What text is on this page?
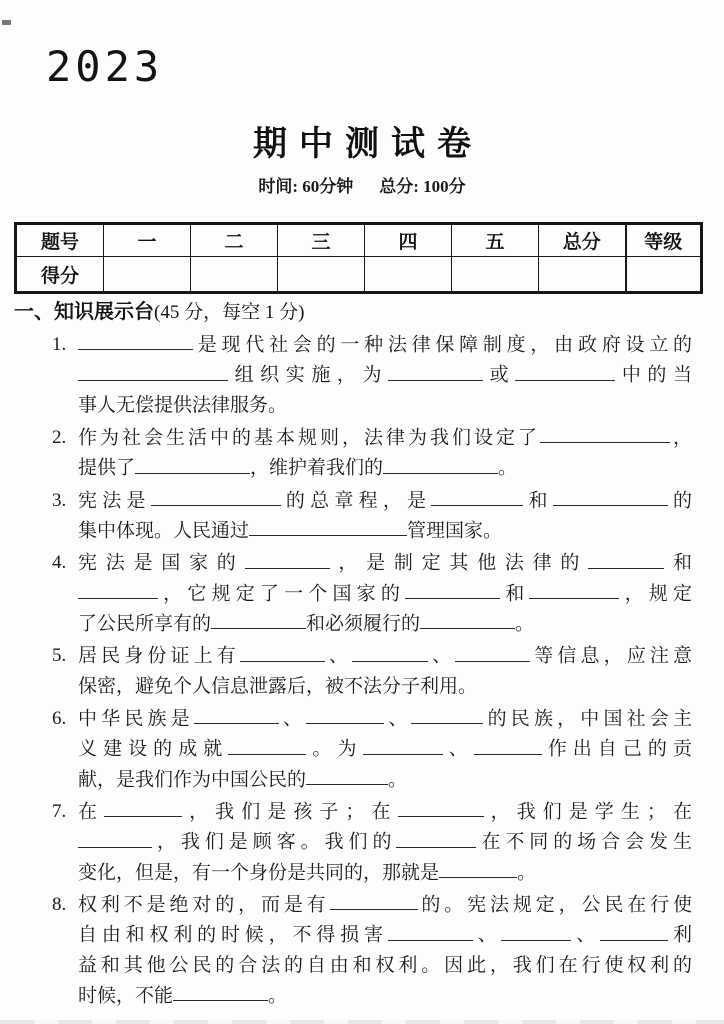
2023
期中测试卷
时间: 60分钟 总分: 100分
题号	一	二	三	四	五	总分	等级
得分							
一、知识展示台(45 分，每空 1 分)
1.	是现代社会的一种法律保障制度，由政府设立的
组织实施，为	或	中的当
事人无偿提供法律服务。
2. 作为社会生活中的基本规则，法律为我们设定了	，
提供了	，维护着我们的	。
3. 宪法是	的总章程，是	和	的
集中体现。人民通过	管理国家。
4. 宪法是国家的	，是制定其他法律的	和
，它规定了一个国家的	和	，规定
了公民所享有的	和必须履行的	。
5. 居民身份证上有	、	、	等信息，应注意
保密，避免个人信息泄露后，被不法分子利用。
6. 中华民族是	、	、	的民族，中国社会主
义建设的成就	。为	、	作出自己的贡
献，是我们作为中国公民的	。
7. 在	，我们是孩子；在	，我们是学生；在
，我们是顾客。我们的	在不同的场合会发生
变化，但是，有一个身份是共同的，那就是	。
8. 权利不是绝对的，而是有	的。宪法规定，公民在行使
自由和权利的时候，不得损害	、	、	利
益和其他公民的合法的自由和权利。因此，我们在行使权利的
时候，不能	。
